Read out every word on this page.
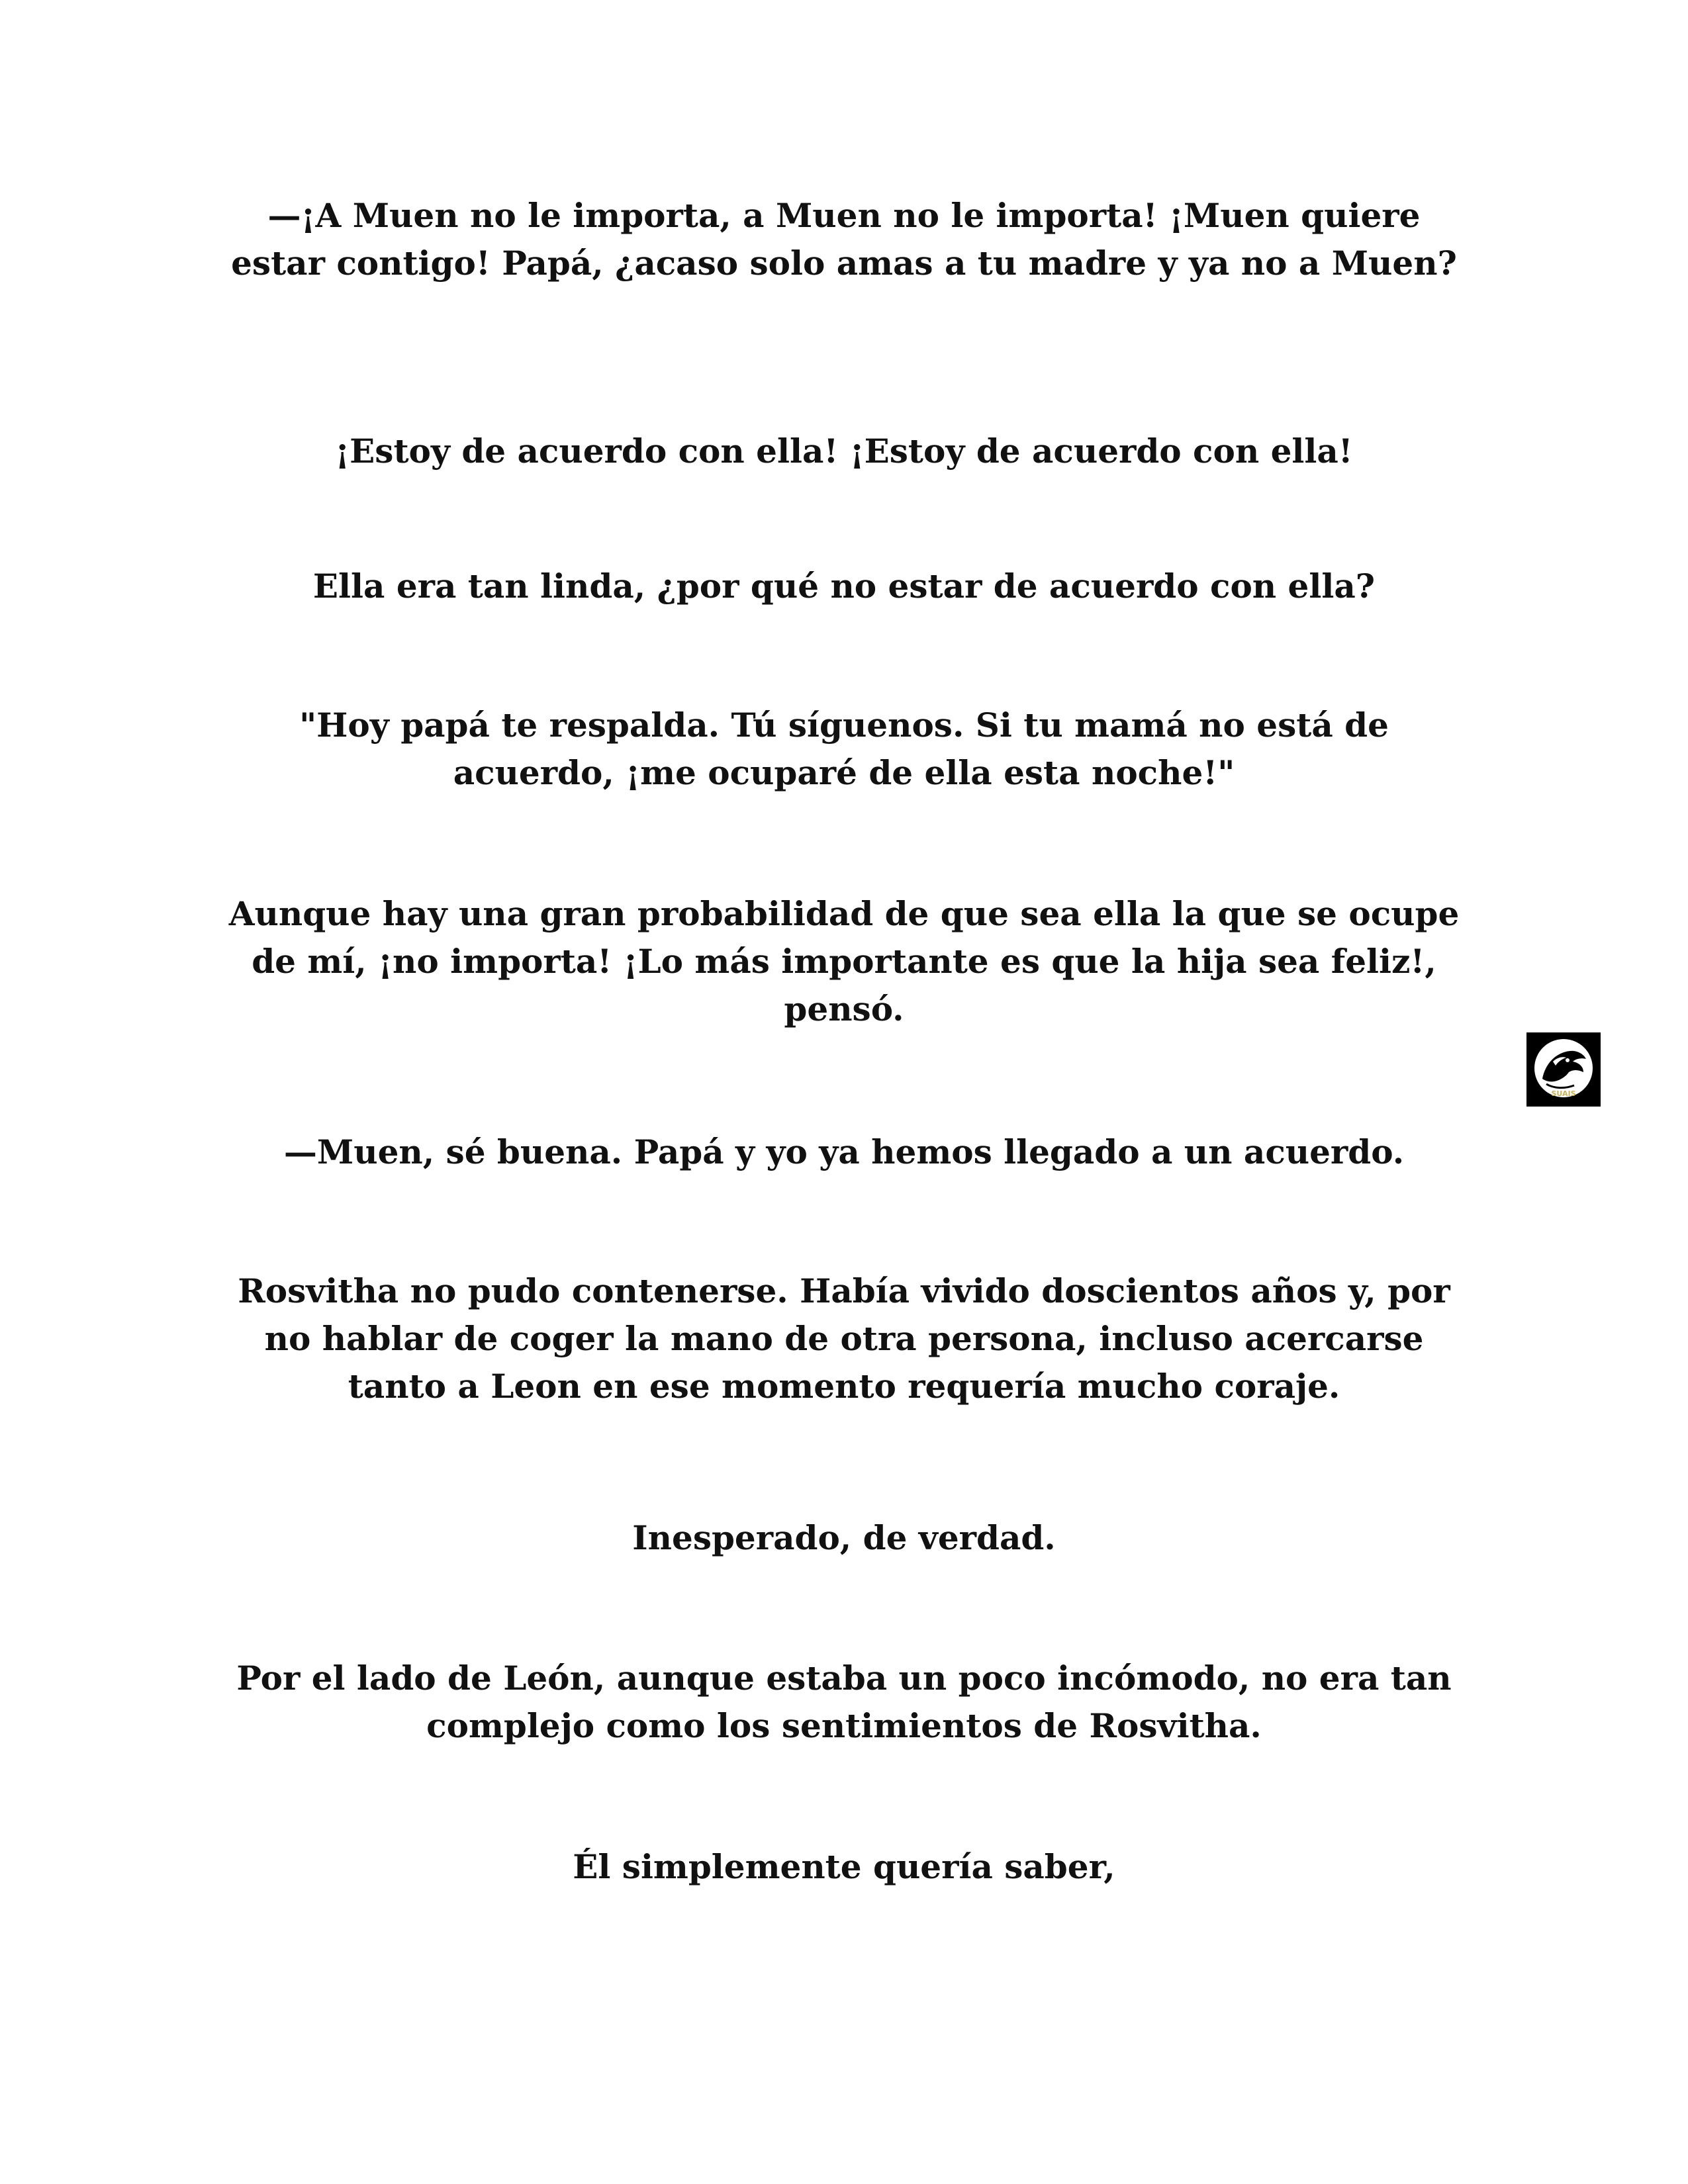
—¡A Muen no le importa, a Muen no le importa! ¡Muen quiere estar contigo! Papá, ¿acaso solo amas a tu madre y ya no a Muen?

¡Estoy de acuerdo con ella! ¡Estoy de acuerdo con ella!

Ella era tan linda, ¿por qué no estar de acuerdo con ella?

"Hoy papá te respalda. Tú síguenos. Si tu mamá no está de acuerdo, ¡me ocuparé de ella esta noche!"

Aunque hay una gran probabilidad de que sea ella la que se ocupe de mí, ¡no importa! ¡Lo más importante es que la hija sea feliz!, pensó.

—Muen, sé buena. Papá y yo ya hemos llegado a un acuerdo.

Rosvitha no pudo contenerse. Había vivido doscientos años y, por no hablar de coger la mano de otra persona, incluso acercarse tanto a Leon en ese momento requería mucho coraje.

Inesperado, de verdad.

Por el lado de León, aunque estaba un poco incómodo, no era tan complejo como los sentimientos de Rosvitha.

Él simplemente quería saber,

SUAIS
